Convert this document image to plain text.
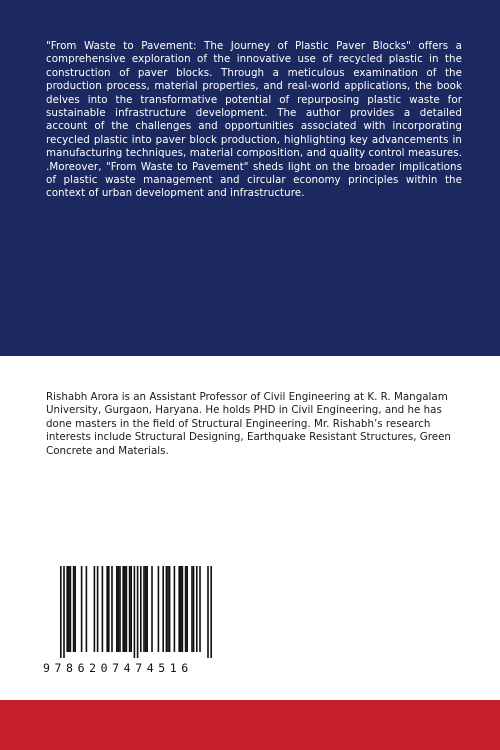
"From Waste to Pavement: The Journey of Plastic Paver Blocks" offers a comprehensive exploration of the innovative use of recycled plastic in the construction of paver blocks. Through a meticulous examination of the production process, material properties, and real-world applications, the book delves into the transformative potential of repurposing plastic waste for sustainable infrastructure development. The author provides a detailed account of the challenges and opportunities associated with incorporating recycled plastic into paver block production, highlighting key advancements in manufacturing techniques, material composition, and quality control measures. .Moreover, "From Waste to Pavement" sheds light on the broader implications of plastic waste management and circular economy principles within the context of urban development and infrastructure.

Rishabh Arora is an Assistant Professor of Civil Engineering at K. R. Mangalam University, Gurgaon, Haryana. He holds PHD in Civil Engineering, and he has done masters in the field of Structural Engineering. Mr. Rishabh’s research interests include Structural Designing, Earthquake Resistant Structures, Green Concrete and Materials.

9786207474516
